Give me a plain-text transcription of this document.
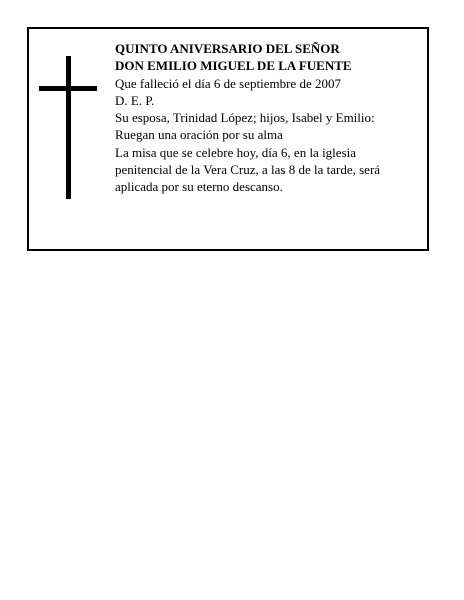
QUINTO ANIVERSARIO DEL SEÑOR
DON EMILIO MIGUEL DE LA FUENTE
Que falleció el día 6 de septiembre de 2007
D. E. P.
Su esposa, Trinidad López; hijos, Isabel y Emilio:
Ruegan una oración por su alma
La misa que se celebre hoy, día 6, en la iglesia
penitencial de la Vera Cruz, a las 8 de la tarde, será
aplicada por su eterno descanso.
